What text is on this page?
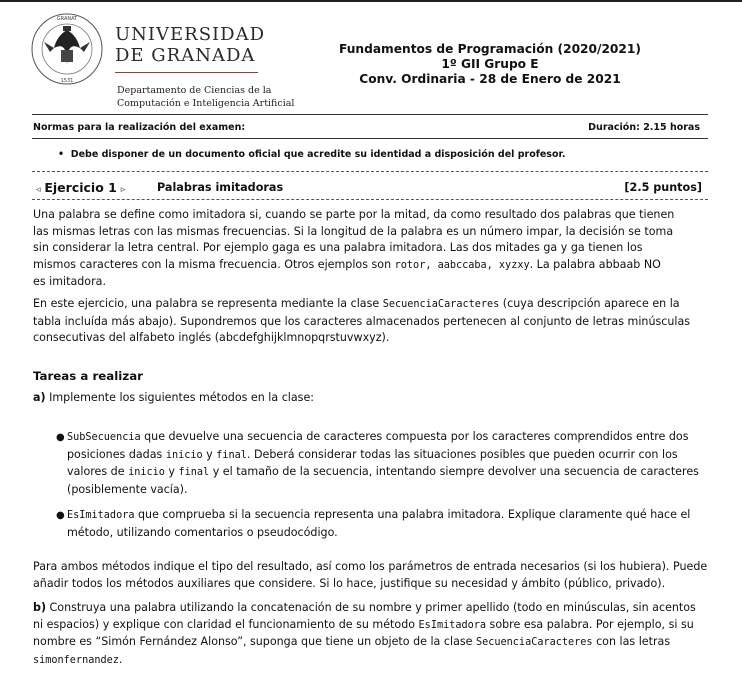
GRANAT
1531
UNIVERSIDAD
DE GRANADA
Departamento de Ciencias de la
Computación e Inteligencia Artificial
Fundamentos de Programación (2020/2021)
1º GII Grupo E
Conv. Ordinaria - 28 de Enero de 2021
Normas para la realización del examen:	Duración: 2.15 horas
•  Debe disponer de un documento oficial que acredite su identidad a disposición del profesor.
◃ Ejercicio 1 ▹	Palabras imitadoras	[2.5 puntos]
Una palabra se define como imitadora si, cuando se parte por la mitad, da como resultado dos palabras que tienen
las mismas letras con las mismas frecuencias. Si la longitud de la palabra es un número impar, la decisión se toma
sin considerar la letra central. Por ejemplo gaga es una palabra imitadora. Las dos mitades ga y ga tienen los
mismos caracteres con la misma frecuencia. Otros ejemplos son rotor, aabccaba, xyzxy. La palabra abbaab NO
es imitadora.
En este ejercicio, una palabra se representa mediante la clase SecuenciaCaracteres (cuya descripción aparece en la
tabla incluída más abajo). Supondremos que los caracteres almacenados pertenecen al conjunto de letras minúsculas
consecutivas del alfabeto inglés (abcdefghijklmnopqrstuvwxyz).
Tareas a realizar
a) Implemente los siguientes métodos en la clase:
● SubSecuencia que devuelve una secuencia de caracteres compuesta por los caracteres comprendidos entre dos
posiciones dadas inicio y final. Deberá considerar todas las situaciones posibles que pueden ocurrir con los
valores de inicio y final y el tamaño de la secuencia, intentando siempre devolver una secuencia de caracteres
(posiblemente vacía).
● EsImitadora que comprueba si la secuencia representa una palabra imitadora. Explique claramente qué hace el
método, utilizando comentarios o pseudocódigo.
Para ambos métodos indique el tipo del resultado, así como los parámetros de entrada necesarios (si los hubiera). Puede
añadir todos los métodos auxiliares que considere. Si lo hace, justifique su necesidad y ámbito (público, privado).
b) Construya una palabra utilizando la concatenación de su nombre y primer apellido (todo en minúsculas, sin acentos
ni espacios) y explique con claridad el funcionamiento de su método EsImitadora sobre esa palabra. Por ejemplo, si su
nombre es “Simón Fernández Alonso”, suponga que tiene un objeto de la clase SecuenciaCaracteres con las letras
simonfernandez.
